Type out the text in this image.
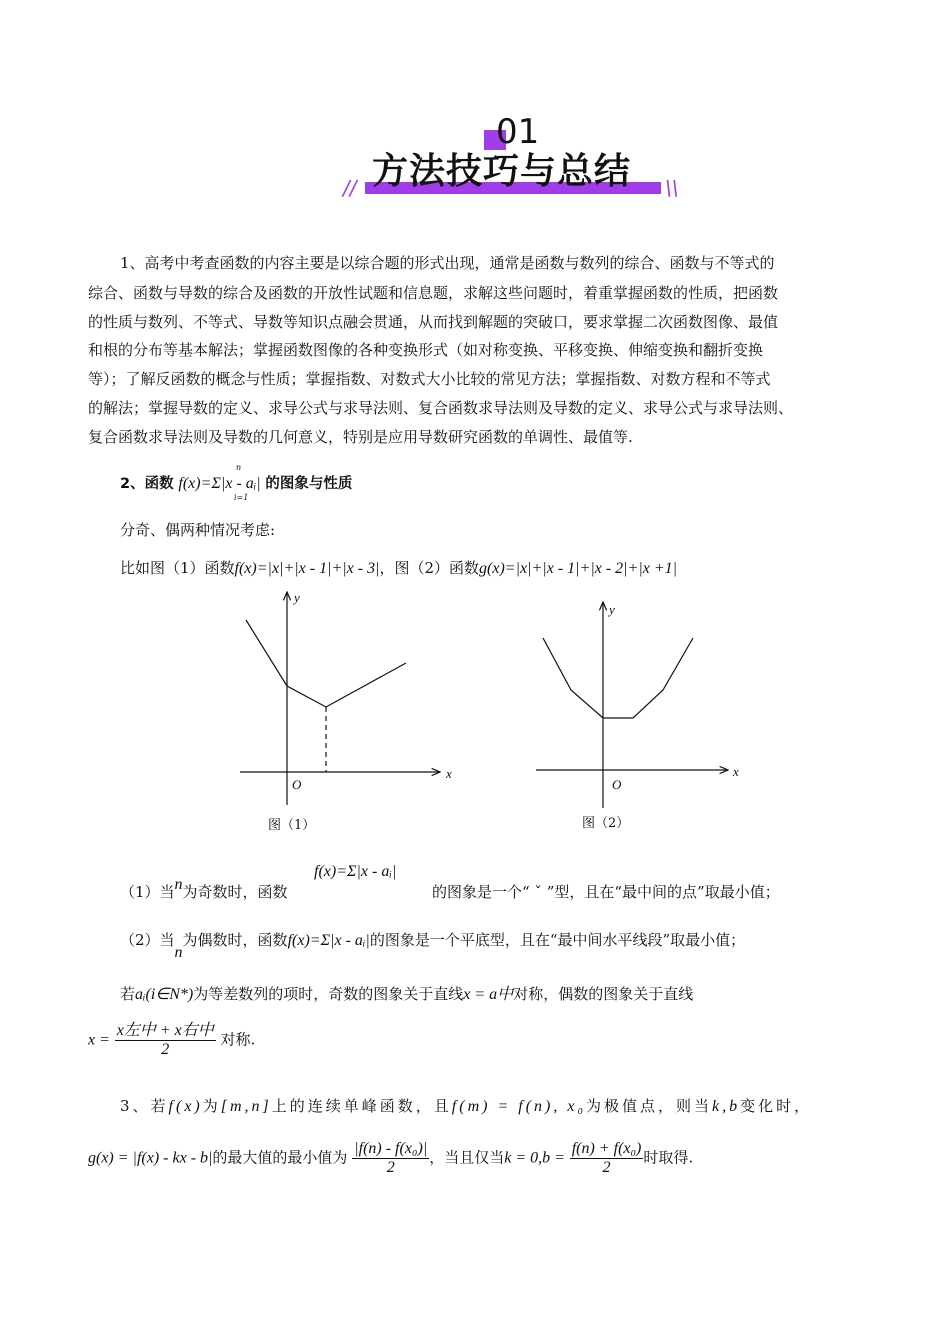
01
方法技巧与总结
//	\\
1、高考中考查函数的内容主要是以综合题的形式出现，通常是函数与数列的综合、函数与不等式的
综合、函数与导数的综合及函数的开放性试题和信息题，求解这些问题时，着重掌握函数的性质，把函数
的性质与数列、不等式、导数等知识点融会贯通，从而找到解题的突破口，要求掌握二次函数图像、最值
和根的分布等基本解法；掌握函数图像的各种变换形式（如对称变换、平移变换、伸缩变换和翻折变换
等）；了解反函数的概念与性质；掌握指数、对数式大小比较的常见方法；掌握指数、对数方程和不等式
的解法；掌握导数的定义、求导公式与求导法则、复合函数求导法则及导数的定义、求导公式与求导法则、
复合函数求导法则及导数的几何意义，特别是应用导数研究函数的单调性、最值等.
2、函数 f(x)=Σ|x - aᵢ| 的图象与性质
n
i=1
分奇、偶两种情况考虑:
比如图（1）函数f(x)=|x|+|x - 1|+|x - 3|，图（2）函数g(x)=|x|+|x - 1|+|x - 2|+|x +1|
y
x
O
图（1）
y
x
O
图（2）
（1）当n为奇数时，函数
f(x)=Σ|x - aᵢ|
的图象是一个“ ˇ ”型，且在“最中间的点”取最小值；
（2）当n为偶数时，函数f(x)=Σ|x - aᵢ|的图象是一个平底型，且在“最中间水平线段”取最小值；
若aᵢ(i∈N*)为等差数列的项时，奇数的图象关于直线x = a中对称，偶数的图象关于直线
$x = \frac{\text{x左中 + x右中}}{2}$ 对称.
3、若f(x)为[m,n]上的连续单峰函数，且f(m) = f(n), x₀为极值点，则当k,b变化时，
g(x) = |f(x) - kx - b|的最大值的最小值为 $\frac{\text{|f(n) - f(x₀)|}}{2}$ ，当且仅当$k = 0,b = \frac{\text{f(n) + f(x₀)}}{2}$ 时取得.
